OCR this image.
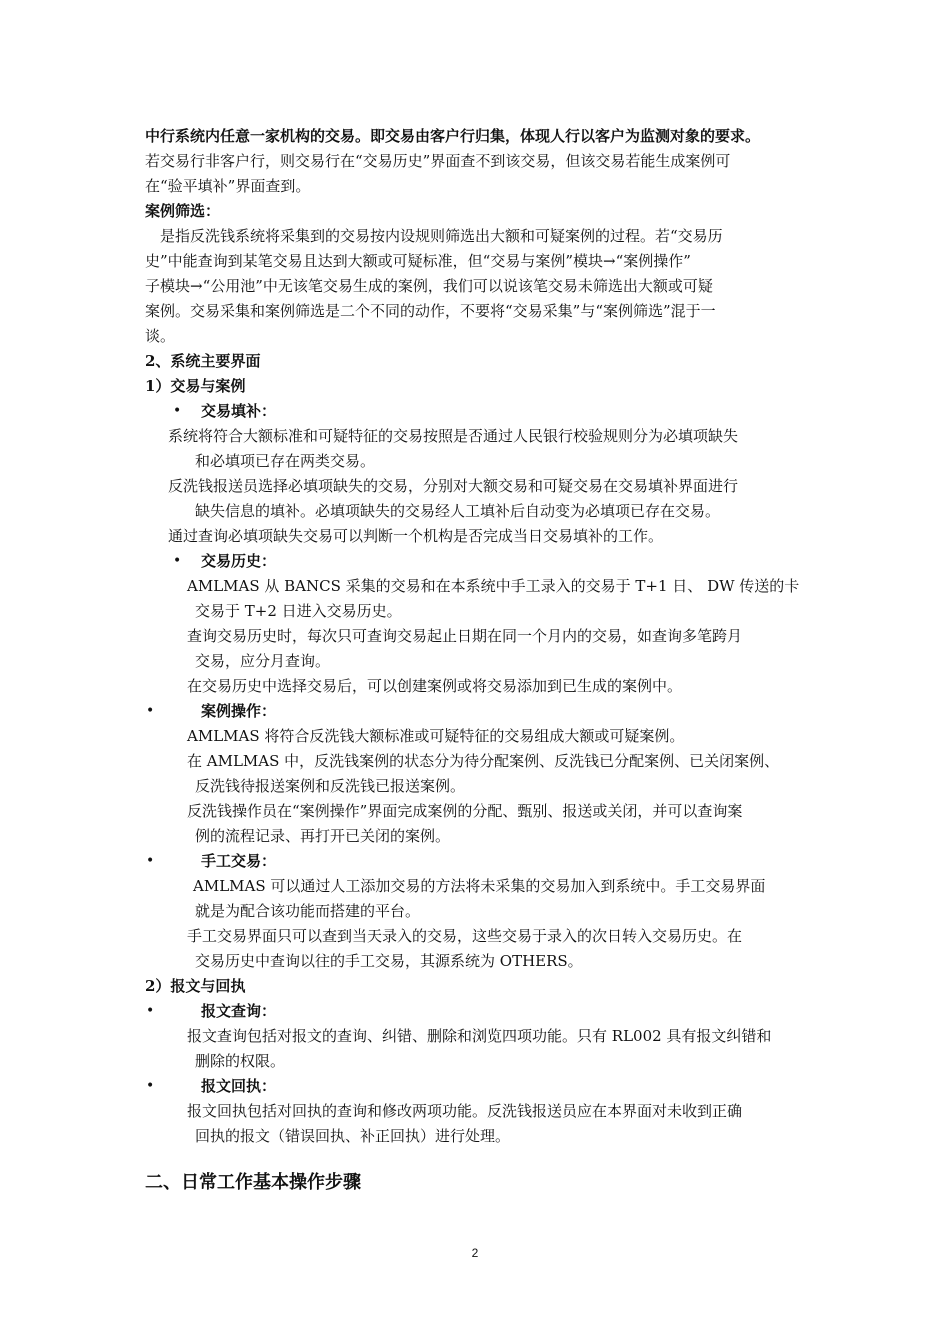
中行系统内任意一家机构的交易。即交易由客户行归集，体现人行以客户为监测对象的要求。
若交易行非客户行，则交易行在“交易历史”界面查不到该交易，但该交易若能生成案例可
在“验平填补”界面查到。
案例筛选：
是指反洗钱系统将采集到的交易按内设规则筛选出大额和可疑案例的过程。若“交易历
史”中能查询到某笔交易且达到大额或可疑标准，但“交易与案例”模块→“案例操作”
子模块→“公用池”中无该笔交易生成的案例，我们可以说该笔交易未筛选出大额或可疑
案例。交易采集和案例筛选是二个不同的动作，不要将“交易采集”与“案例筛选”混于一
谈。
2、系统主要界面
1）交易与案例
• 交易填补：
系统将符合大额标准和可疑特征的交易按照是否通过人民银行校验规则分为必填项缺失
和必填项已存在两类交易。
反洗钱报送员选择必填项缺失的交易，分别对大额交易和可疑交易在交易填补界面进行
缺失信息的填补。必填项缺失的交易经人工填补后自动变为必填项已存在交易。
通过查询必填项缺失交易可以判断一个机构是否完成当日交易填补的工作。
• 交易历史：
AMLMAS 从 BANCS 采集的交易和在本系统中手工录入的交易于 T+1 日、 DW 传送的卡
交易于 T+2 日进入交易历史。
查询交易历史时，每次只可查询交易起止日期在同一个月内的交易，如查询多笔跨月
交易，应分月查询。
在交易历史中选择交易后，可以创建案例或将交易添加到已生成的案例中。
•	案例操作：
AMLMAS 将符合反洗钱大额标准或可疑特征的交易组成大额或可疑案例。
在 AMLMAS 中，反洗钱案例的状态分为待分配案例、反洗钱已分配案例、已关闭案例、
反洗钱待报送案例和反洗钱已报送案例。
反洗钱操作员在“案例操作”界面完成案例的分配、甄别、报送或关闭，并可以查询案
例的流程记录、再打开已关闭的案例。
•	手工交易：
AMLMAS 可以通过人工添加交易的方法将未采集的交易加入到系统中。手工交易界面
就是为配合该功能而搭建的平台。
手工交易界面只可以查到当天录入的交易，这些交易于录入的次日转入交易历史。在
交易历史中查询以往的手工交易，其源系统为 OTHERS。
2）报文与回执
•	报文查询：
报文查询包括对报文的查询、纠错、删除和浏览四项功能。只有 RL002 具有报文纠错和
删除的权限。
•	报文回执：
报文回执包括对回执的查询和修改两项功能。反洗钱报送员应在本界面对未收到正确
回执的报文（错误回执、补正回执）进行处理。
二、日常工作基本操作步骤
2
